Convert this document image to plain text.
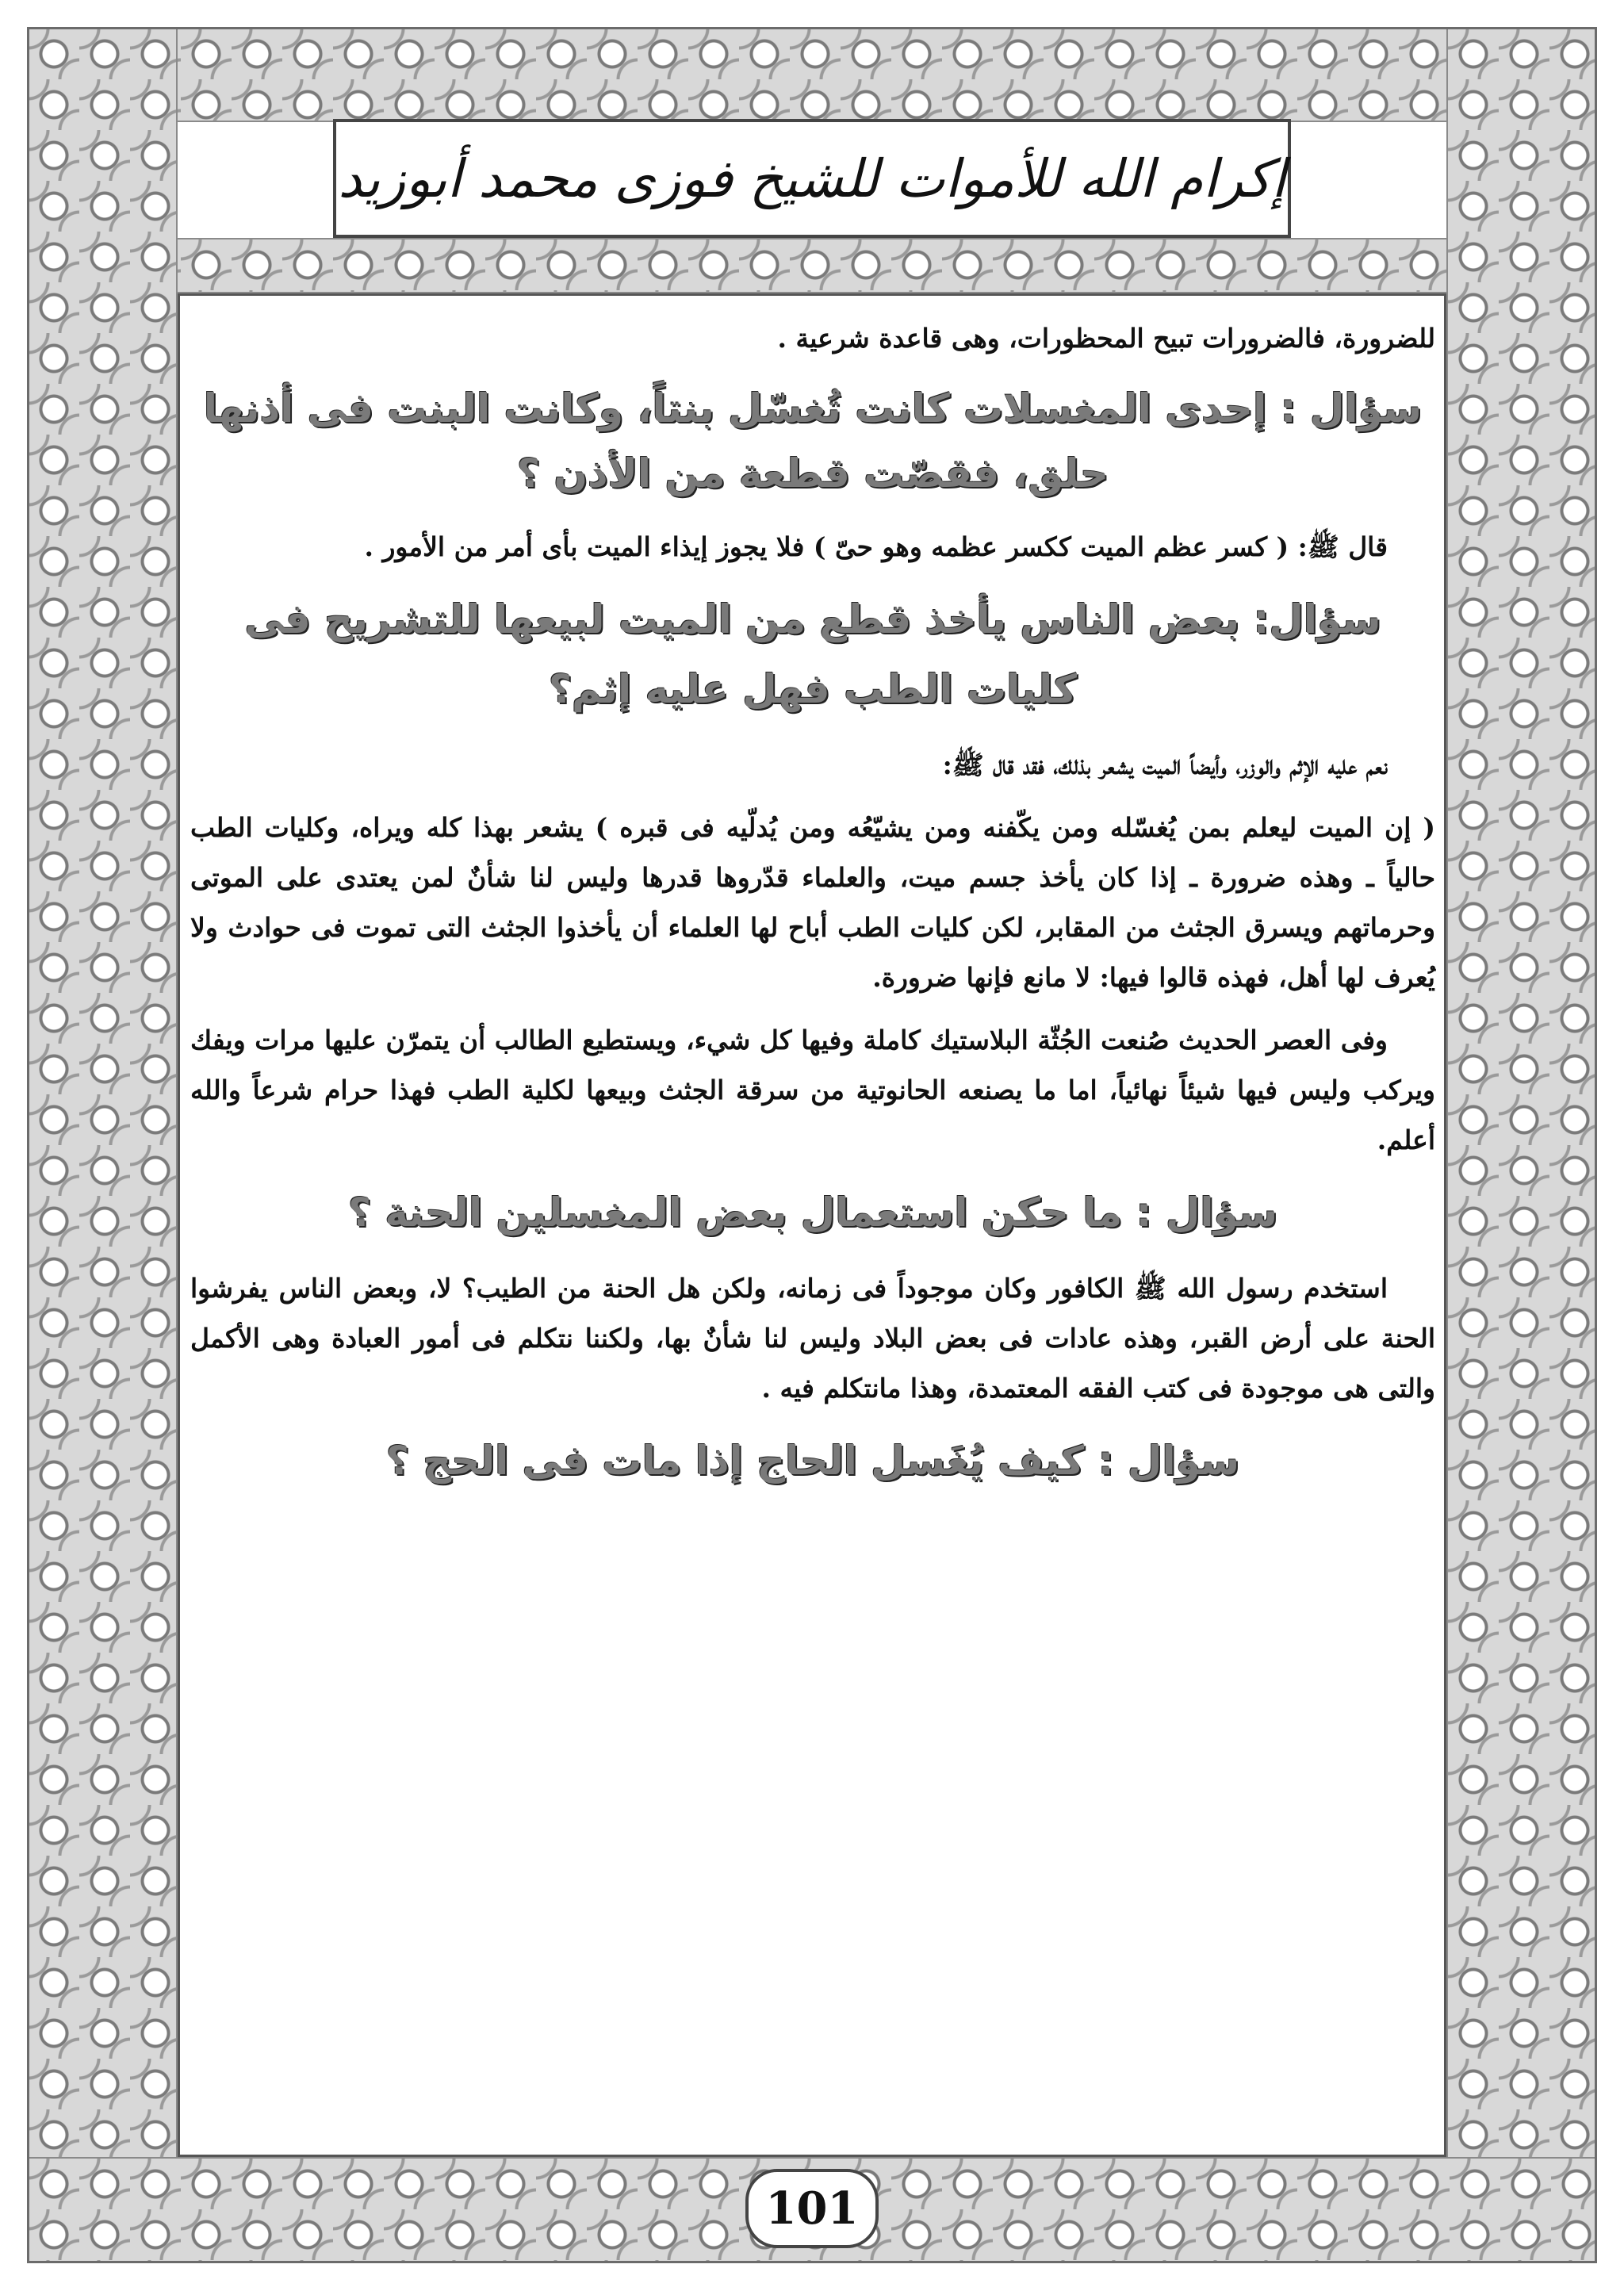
إكرام الله للأموات للشيخ فوزى محمد أبوزيد

للضرورة، فالضرورات تبيح المحظورات، وهى قاعدة شرعية .

سؤال : إحدى المغسلات كانت تُغسّل بنتاً، وكانت البنت فى أذنها حلق، فقصّت قطعة من الأذن ؟

قال ﷺ: ( كسر عظم الميت ككسر عظمه وهو حىّ ) فلا يجوز إيذاء الميت بأى أمر من الأمور .

سؤال: بعض الناس يأخذ قطع من الميت لبيعها للتشريح فى كليات الطب فهل عليه إثم؟

نعم عليه الإثم والوزر، وأيضاً الميت يشعر بذلك، فقد قال ﷺ:

( إن الميت ليعلم بمن يُغسّله ومن يكّفنه ومن يشيّعُه ومن يُدلّيه فى قبره ) يشعر بهذا كله ويراه، وكليات الطب حالياً ـ وهذه ضرورة ـ إذا كان يأخذ جسم ميت، والعلماء قدّروها قدرها وليس لنا شأنٌ لمن يعتدى على الموتى وحرماتهم ويسرق الجثث من المقابر، لكن كليات الطب أباح لها العلماء أن يأخذوا الجثث التى تموت فى حوادث ولا يُعرف لها أهل، فهذه قالوا فيها: لا مانع فإنها ضرورة.

وفى العصر الحديث صُنعت الجُثّة البلاستيك كاملة وفيها كل شيء، ويستطيع الطالب أن يتمرّن عليها مرات ويفك ويركب وليس فيها شيئاً نهائياً، اما ما يصنعه الحانوتية من سرقة الجثث وبيعها لكلية الطب فهذا حرام شرعاً والله أعلم.

سؤال : ما حكن استعمال بعض المغسلين الحنة ؟

استخدم رسول الله ﷺ الكافور وكان موجوداً فى زمانه، ولكن هل الحنة من الطيب؟ لا، وبعض الناس يفرشوا الحنة على أرض القبر، وهذه عادات فى بعض البلاد وليس لنا شأنٌ بها، ولكننا نتكلم فى أمور العبادة وهى الأكمل والتى هى موجودة فى كتب الفقه المعتمدة، وهذا مانتكلم فيه .

سؤال : كيف يُغَسل الحاج إذا مات فى الحج ؟
101
